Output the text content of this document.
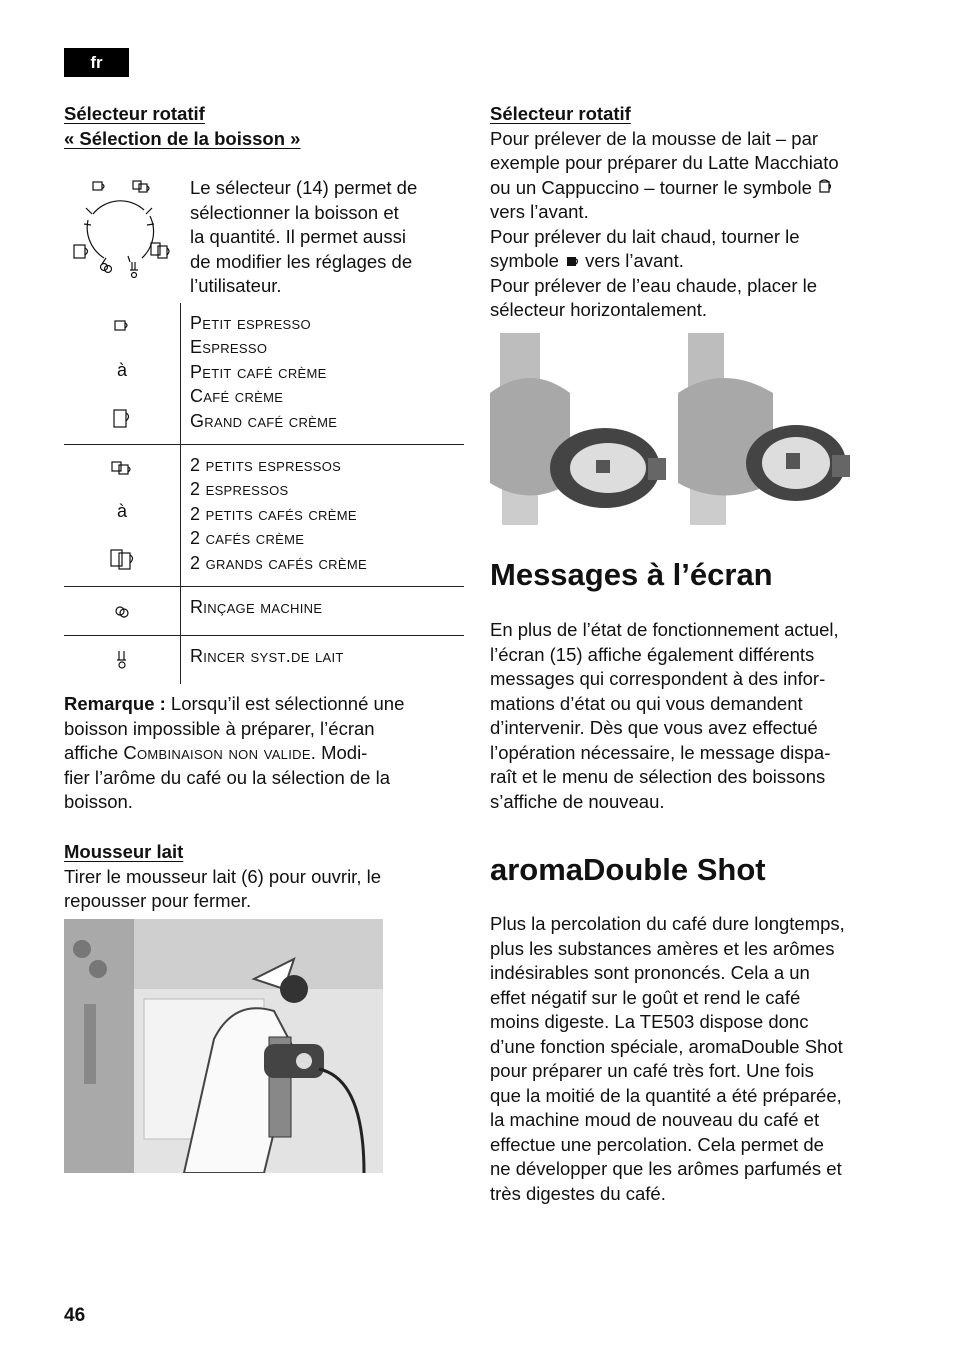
fr
Sélecteur rotatif
« Sélection de la boisson »
Le sélecteur (14) permet de
sélectionner la boisson et
la quantité. Il permet aussi
de modifier les réglages de
l’utilisateur.
à
Petit espresso
Espresso
Petit café crème
Café crème
Grand café crème
à
2 petits espressos
2 espressos
2 petits cafés crème
2 cafés crème
2 grands cafés crème
Rinçage machine
Rincer syst.de lait
Remarque : Lorsqu’il est sélectionné une
boisson impossible à préparer, l’écran
affiche Combinaison non valide. Modi-
fier l’arôme du café ou la sélection de la
boisson.
Mousseur lait
Tirer le mousseur lait (6) pour ouvrir, le
repousser pour fermer.
Sélecteur rotatif
Pour prélever de la mousse de lait – par
exemple pour préparer du Latte Macchiato
ou un Cappuccino – tourner le symbole
vers l’avant.
Pour prélever du lait chaud, tourner le
symbole vers l’avant.
Pour prélever de l’eau chaude, placer le
sélecteur horizontalement.
Messages à l’écran
En plus de l’état de fonctionnement actuel,
l’écran (15) affiche également différents
messages qui correspondent à des infor-
mations d’état ou qui vous demandent
d’intervenir. Dès que vous avez effectué
l’opération nécessaire, le message dispa-
raît et le menu de sélection des boissons
s’affiche de nouveau.
aromaDouble Shot
Plus la percolation du café dure longtemps,
plus les substances amères et les arômes
indésirables sont prononcés. Cela a un
effet négatif sur le goût et rend le café
moins digeste. La TE503 dispose donc
d’une fonction spéciale, aromaDouble Shot
pour préparer un café très fort. Une fois
que la moitié de la quantité a été préparée,
la machine moud de nouveau du café et
effectue une percolation. Cela permet de
ne développer que les arômes parfumés et
très digestes du café.
46
